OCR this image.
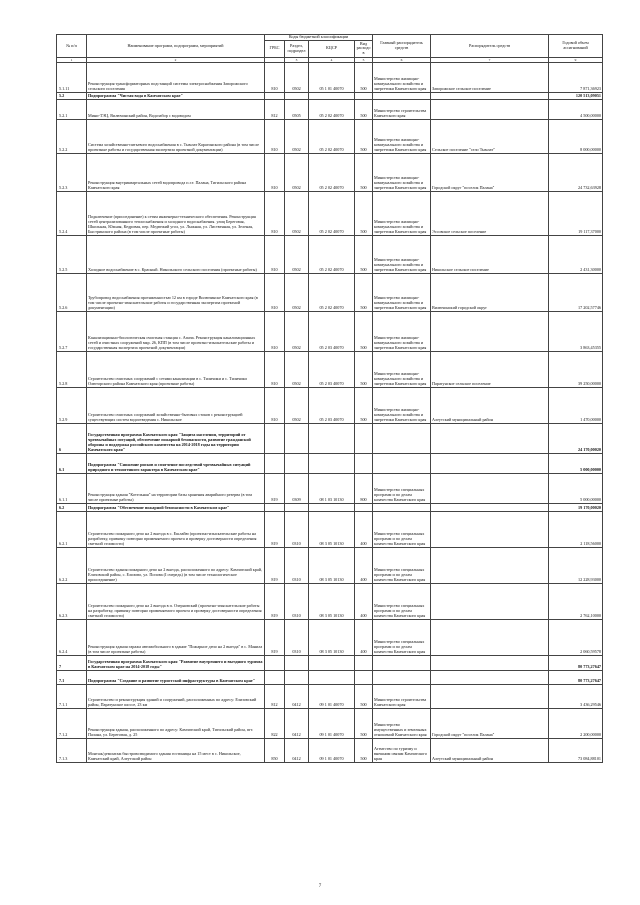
№ п/п	Наименование программ, подпрограмм, мероприятий	Коды бюджетной классификации				Главный распорядитель средств	Распорядитель средств	Годовой объем ассигнований
		ГРБС	Раздел, подраздел	КЦСР	Вид расходов			
1	2		3	4	5	6	7	9
5.1.11	Реконструкция трансформаторных подстанций системы электроснабжения Запорожского сельского поселения	810	0502	05 1 01 40070	500	Министерство жилищно-коммунального хозяйства и энергетики Камчатского края	Запорожское сельское поселение	7 871,36923
5.2	Подпрограмма "Чистая вода в Камчатском крае"							120 513,09051
5.2.1	Мини-ТЭЦ, Вилючинский район, Водозабор с водоводом	812	0505	05 2 02 40070	500	Министерство строительства Камчатского края		4 500,00000
5.2.2	Система хозяйственно-питьевого водоснабжения в с. Тымлат Карагинского района (в том числе проектные работы и государственная экспертиза проектной документации)	810	0502	05 2 02 40070	500	Министерство жилищно-коммунального хозяйства и энергетики Камчатского края	Сельское поселение "село Тымлат"	8 000,00000
5.2.3	Реконструкция внутриквартальных сетей водопровода п.г.т. Палана, Тигильского района Камчатского края	810	0502	05 2 02 40070	500	Министерство жилищно-коммунального хозяйства и энергетики Камчатского края	Городской округ "поселок Палана"	24 732,63928
5.2.4	Подключение (присоединение) к сетям инженерно-технического обеспечения. Реконструкция сетей централизованного теплоснабжения и холодного водоснабжения. улиц Береговая, Школьная, Южная, Кедровая, пер. Медвежий угол, ул. Лыжная, ул. Лиственная, ул. Зеленая, Быстринского района (в том числе проектные работы)	810	0502	05 2 02 40070	500	Министерство жилищно-коммунального хозяйства и энергетики Камчатского края	Эссовское сельское поселение	19 117,37000
5.2.5	Холодное водоснабжение в с. Красный. Никольского сельского поселения (проектные работы)	810	0502	05 2 02 40070	500	Министерство жилищно-коммунального хозяйства и энергетики Камчатского края	Никольское сельское поселение	2 431,30000
5.2.6	Трубопровод водоснабжения протяженностью 12 км в городе Вилючинске Камчатского края (в том числе проектно-изыскательские работы и государственная экспертиза проектной документации)	810	0502	05 2 02 40070	500	Министерство жилищно-коммунального хозяйства и энергетики Камчатского края	Вилючинский городской округ	17 202,57746
5.2.7	Канализационно-биологическая очистная станция с. Апача. Реконструкция канализационных сетей и очистных сооружений мкр. 26, КПП (в том числе проектно-изыскательские работы и государственная экспертиза проектной документации)	810	0502	05 2 03 40070	500	Министерство жилищно-коммунального хозяйства и энергетики Камчатского края		3 863,45355
5.2.8	Строительство очистных сооружений с сетями канализации в с. Тиличики и с. Тиличики Олюторского района Камчатского края (проектные работы)	810	0502	05 2 03 40070	500	Министерство жилищно-коммунального хозяйства и энергетики Камчатского края	Паратунское сельское поселение	39 250,00000
5.2.9	Строительство очистных сооружений хозяйственно-бытовых стоков с реконструкцией существующих систем водоотведения с. Никольское	810	0502	05 2 03 40070	500	Министерство жилищно-коммунального хозяйства и энергетики Камчатского края	Алеутский муниципальный район	1 470,00000
6	Государственная программа Камчатского края "Защита населения, территорий от чрезвычайных ситуаций, обеспечение пожарной безопасности, развитие гражданской обороны и поддержка российского казачества на 2014-2018 годы на территории Камчатского края"							24 170,00020
6.1	Подпрограмма "Снижение рисков и смягчение последствий чрезвычайных ситуаций природного и техногенного характера в Камчатском крае"							5 000,00000
6.1.1	Реконструкция здания "Котельная" на территории базы хранения аварийного резерва (в том числе проектные работы)	819	0309	08 1 03 10130	800	Министерство специальных программ и по делам казачества Камчатского края		5 000,00000
6.2	Подпрограмма "Обеспечение пожарной безопасности в Камчатском крае"							19 170,00020
6.2.1	Строительство пожарного депо на 2 выезда в с. Ешлайю (проектно-изыскательские работы на разработку, привязку повторно применяемого проекта и проверку достоверности определения сметной стоимости)	819	0310	08 3 05 10130	400	Министерство специальных программ и по делам казачества Камчатского края		2 118,56000
6.2.2	Строительство здания пожарного депо на 2 выезда, расположенного по адресу: Камчатский край, Елизовский район, с. Елизово, ул. Попова (I очередь) (в том числе технологическое присоединение)	819	0310	08 3 05 10130	400	Министерство специальных программ и по делам казачества Камчатского края		12 228,93000
6.2.3	Строительство пожарного депо на 2 выезда в п. Озерновский (проектно-изыскательские работы на разработку, привязку повторно применяемого проекта и проверку достоверности определения сметной стоимости)	819	0310	08 3 05 10130	400	Министерство специальных программ и по делам казачества Камчатского края		2 762,10000
6.2.4	Реконструкция здания гаража автомобильного в здание "Пожарное депо на 2 выезда" в с. Манила (в том числе проектные работы)	819	0310	08 3 05 10130	400	Министерство специальных программ и по делам казачества Камчатского края		2 060,59578
7	Государственная программа Камчатского края "Развитие внутреннего и въездного туризма в Камчатском крае на 2014-2018 годы"							80 773,27647
7.1	Подпрограмма "Создание и развитие туристской инфраструктуры в Камчатском крае"							80 773,27647
7.1.1	Строительство и реконструкция зданий и сооружений, расположенных по адресу: Елизовский район, Паратунское шоссе, 23 км	812	0412	09 1 01 40070	500	Министерство строительства Камчатского края		3 436,29546
7.1.2	Реконструкция здания, расположенного по адресу: Камчатский край, Тигильский район, пгт. Палана, ул. Береговая, д. 25	822	0412	09 1 01 40070	500	Министерство имущественных и земельных отношений Камчатского края	Городской округ "поселок Палана"	2 200,00000
7.1.3	Монтаж/демонтаж быстровозводимого здания гостиницы на 15 мест в с. Никольское, Камчатский край, Алеутский район	850	0412	09 1 01 40070	500	Агентство по туризму и внешним связям Камчатского края	Алеутский муниципальный район	73 084,88101
7
